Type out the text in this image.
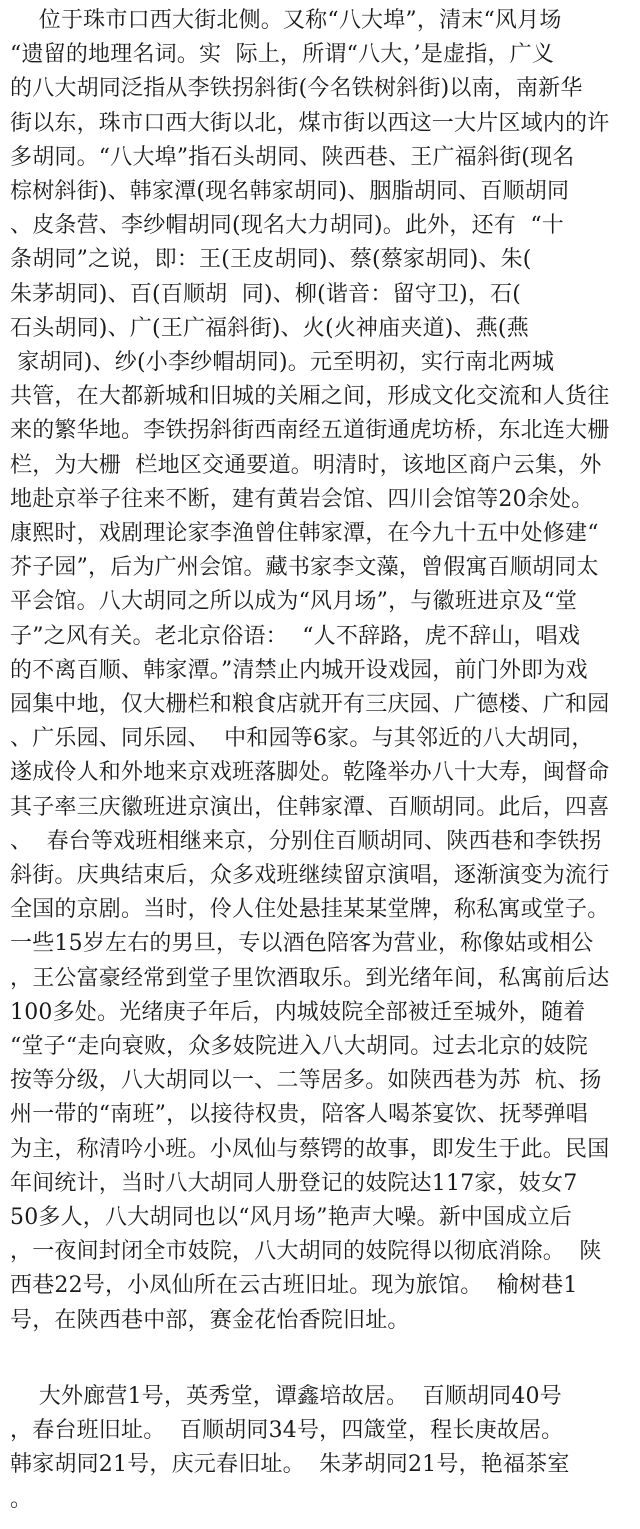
位于珠市口西大街北侧。又称“八大埠”，清末“风月场
“遗留的地理名词。实  际上，所谓“八大，’是虚指，广义
的八大胡同泛指从李铁拐斜街(今名铁树斜街)以南，南新华
街以东，珠市口西大街以北，煤市街以西这一大片区域内的许
多胡同。“八大埠”指石头胡同、陕西巷、王广福斜街(现名
棕树斜街)、韩家潭(现名韩家胡同)、胭脂胡同、百顺胡同
、皮条营、李纱帽胡同(现名大力胡同)。此外，还有  “十
条胡同”之说，即：王(王皮胡同)、蔡(蔡家胡同)、朱(
朱茅胡同)、百(百顺胡  同)、柳(谐音：留守卫)，石(
石头胡同)、广(王广福斜街)、火(火神庙夹道)、燕(燕
家胡同)、纱(小李纱帽胡同)。元至明初，实行南北两城
共管，在大都新城和旧城的关厢之间，形成文化交流和人货往
来的繁华地。李铁拐斜街西南经五道街通虎坊桥，东北连大栅
栏，为大栅  栏地区交通要道。明清时，该地区商户云集，外
地赴京举子往来不断，建有黄岩会馆、四川会馆等20余处。
康熙时，戏剧理论家李渔曾住韩家潭，在今九十五中处修建“
芥子园”，后为广州会馆。藏书家李文藻，曾假寓百顺胡同太
平会馆。八大胡同之所以成为“风月场”，与徽班进京及“堂
子”之风有关。老北京俗语：  “人不辞路，虎不辞山，唱戏
的不离百顺、韩家潭。”清禁止内城开设戏园，前门外即为戏
园集中地，仅大栅栏和粮食店就开有三庆园、广德楼、广和园
、广乐园、同乐园、  中和园等6家。与其邻近的八大胡同，
遂成伶人和外地来京戏班落脚处。乾隆举办八十大寿，闽督命
其子率三庆徽班进京演出，住韩家潭、百顺胡同。此后，四喜
、  春台等戏班相继来京，分别住百顺胡同、陕西巷和李铁拐
斜街。庆典结束后，众多戏班继续留京演唱，逐渐演变为流行
全国的京剧。当时，伶人住处悬挂某某堂牌，称私寓或堂子。
一些15岁左右的男旦，专以酒色陪客为营业，称像姑或相公
，王公富豪经常到堂子里饮酒取乐。到光绪年间，私寓前后达
100多处。光绪庚子年后，内城妓院全部被迁至城外，随着
“堂子“走向衰败，众多妓院进入八大胡同。过去北京的妓院
按等分级，八大胡同以一、二等居多。如陕西巷为苏  杭、扬
州一带的“南班”，以接待权贵，陪客人喝茶宴饮、抚琴弹唱
为主，称清吟小班。小凤仙与蔡锷的故事，即发生于此。民国
年间统计，当时八大胡同人册登记的妓院达117家，妓女7
50多人，八大胡同也以“风月场”艳声大噪。新中国成立后
，一夜间封闭全市妓院，八大胡同的妓院得以彻底消除。  陕
西巷22号，小凤仙所在云古班旧址。现为旅馆。  榆树巷1
号，在陕西巷中部，赛金花怡香院旧址。
大外廊营1号，英秀堂，谭鑫培故居。  百顺胡同40号
，春台班旧址。  百顺胡同34号，四箴堂，程长庚故居。
韩家胡同21号，庆元春旧址。  朱茅胡同21号，艳福茶室
。
